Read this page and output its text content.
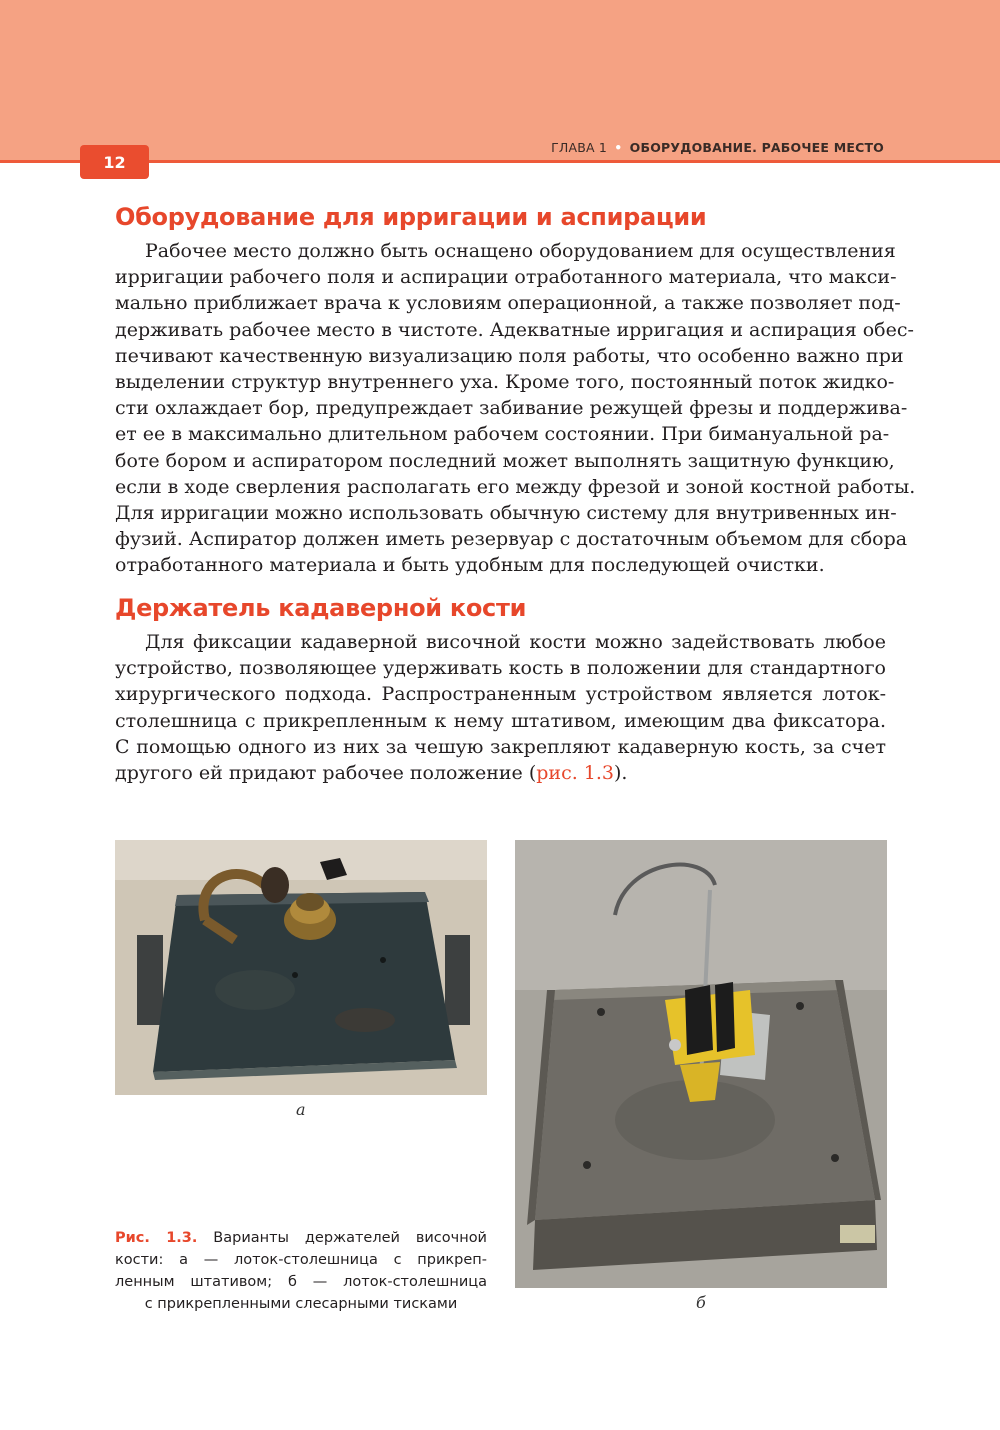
12
ГЛАВА 1 • ОБОРУДОВАНИЕ. РАБОЧЕЕ МЕСТО
Оборудование для ирригации и аспирации
Рабочее место должно быть оснащено оборудованием для осуществления
ирригации рабочего поля и аспирации отработанного материала, что макси-
мально приближает врача к условиям операционной, а также позволяет под-
держивать рабочее место в чистоте. Адекватные ирригация и аспирация обес-
печивают качественную визуализацию поля работы, что особенно важно при
выделении структур внутреннего уха. Кроме того, постоянный поток жидко-
сти охлаждает бор, предупреждает забивание режущей фрезы и поддержива-
ет ее в максимально длительном рабочем состоянии. При бимануальной ра-
боте бором и аспиратором последний может выполнять защитную функцию,
если в ходе сверления располагать его между фрезой и зоной костной работы.
Для ирригации можно использовать обычную систему для внутривенных ин-
фузий. Аспиратор должен иметь резервуар с достаточным объемом для сбора
отработанного материала и быть удобным для последующей очистки.
Держатель кадаверной кости
Для фиксации кадаверной височной кости можно задействовать любое
устройство, позволяющее удерживать кость в положении для стандартного
хирургического подхода. Распространенным устройством является лоток-
столешница с прикрепленным к нему штативом, имеющим два фиксатора.
С помощью одного из них за чешую закрепляют кадаверную кость, за счет
другого ей придают рабочее положение (рис. 1.3).
а
б
Рис. 1.3. Варианты держателей височной
кости: а — лоток-столешница с прикреп-
ленным штативом; б — лоток-столешница
с прикрепленными слесарными тисками
